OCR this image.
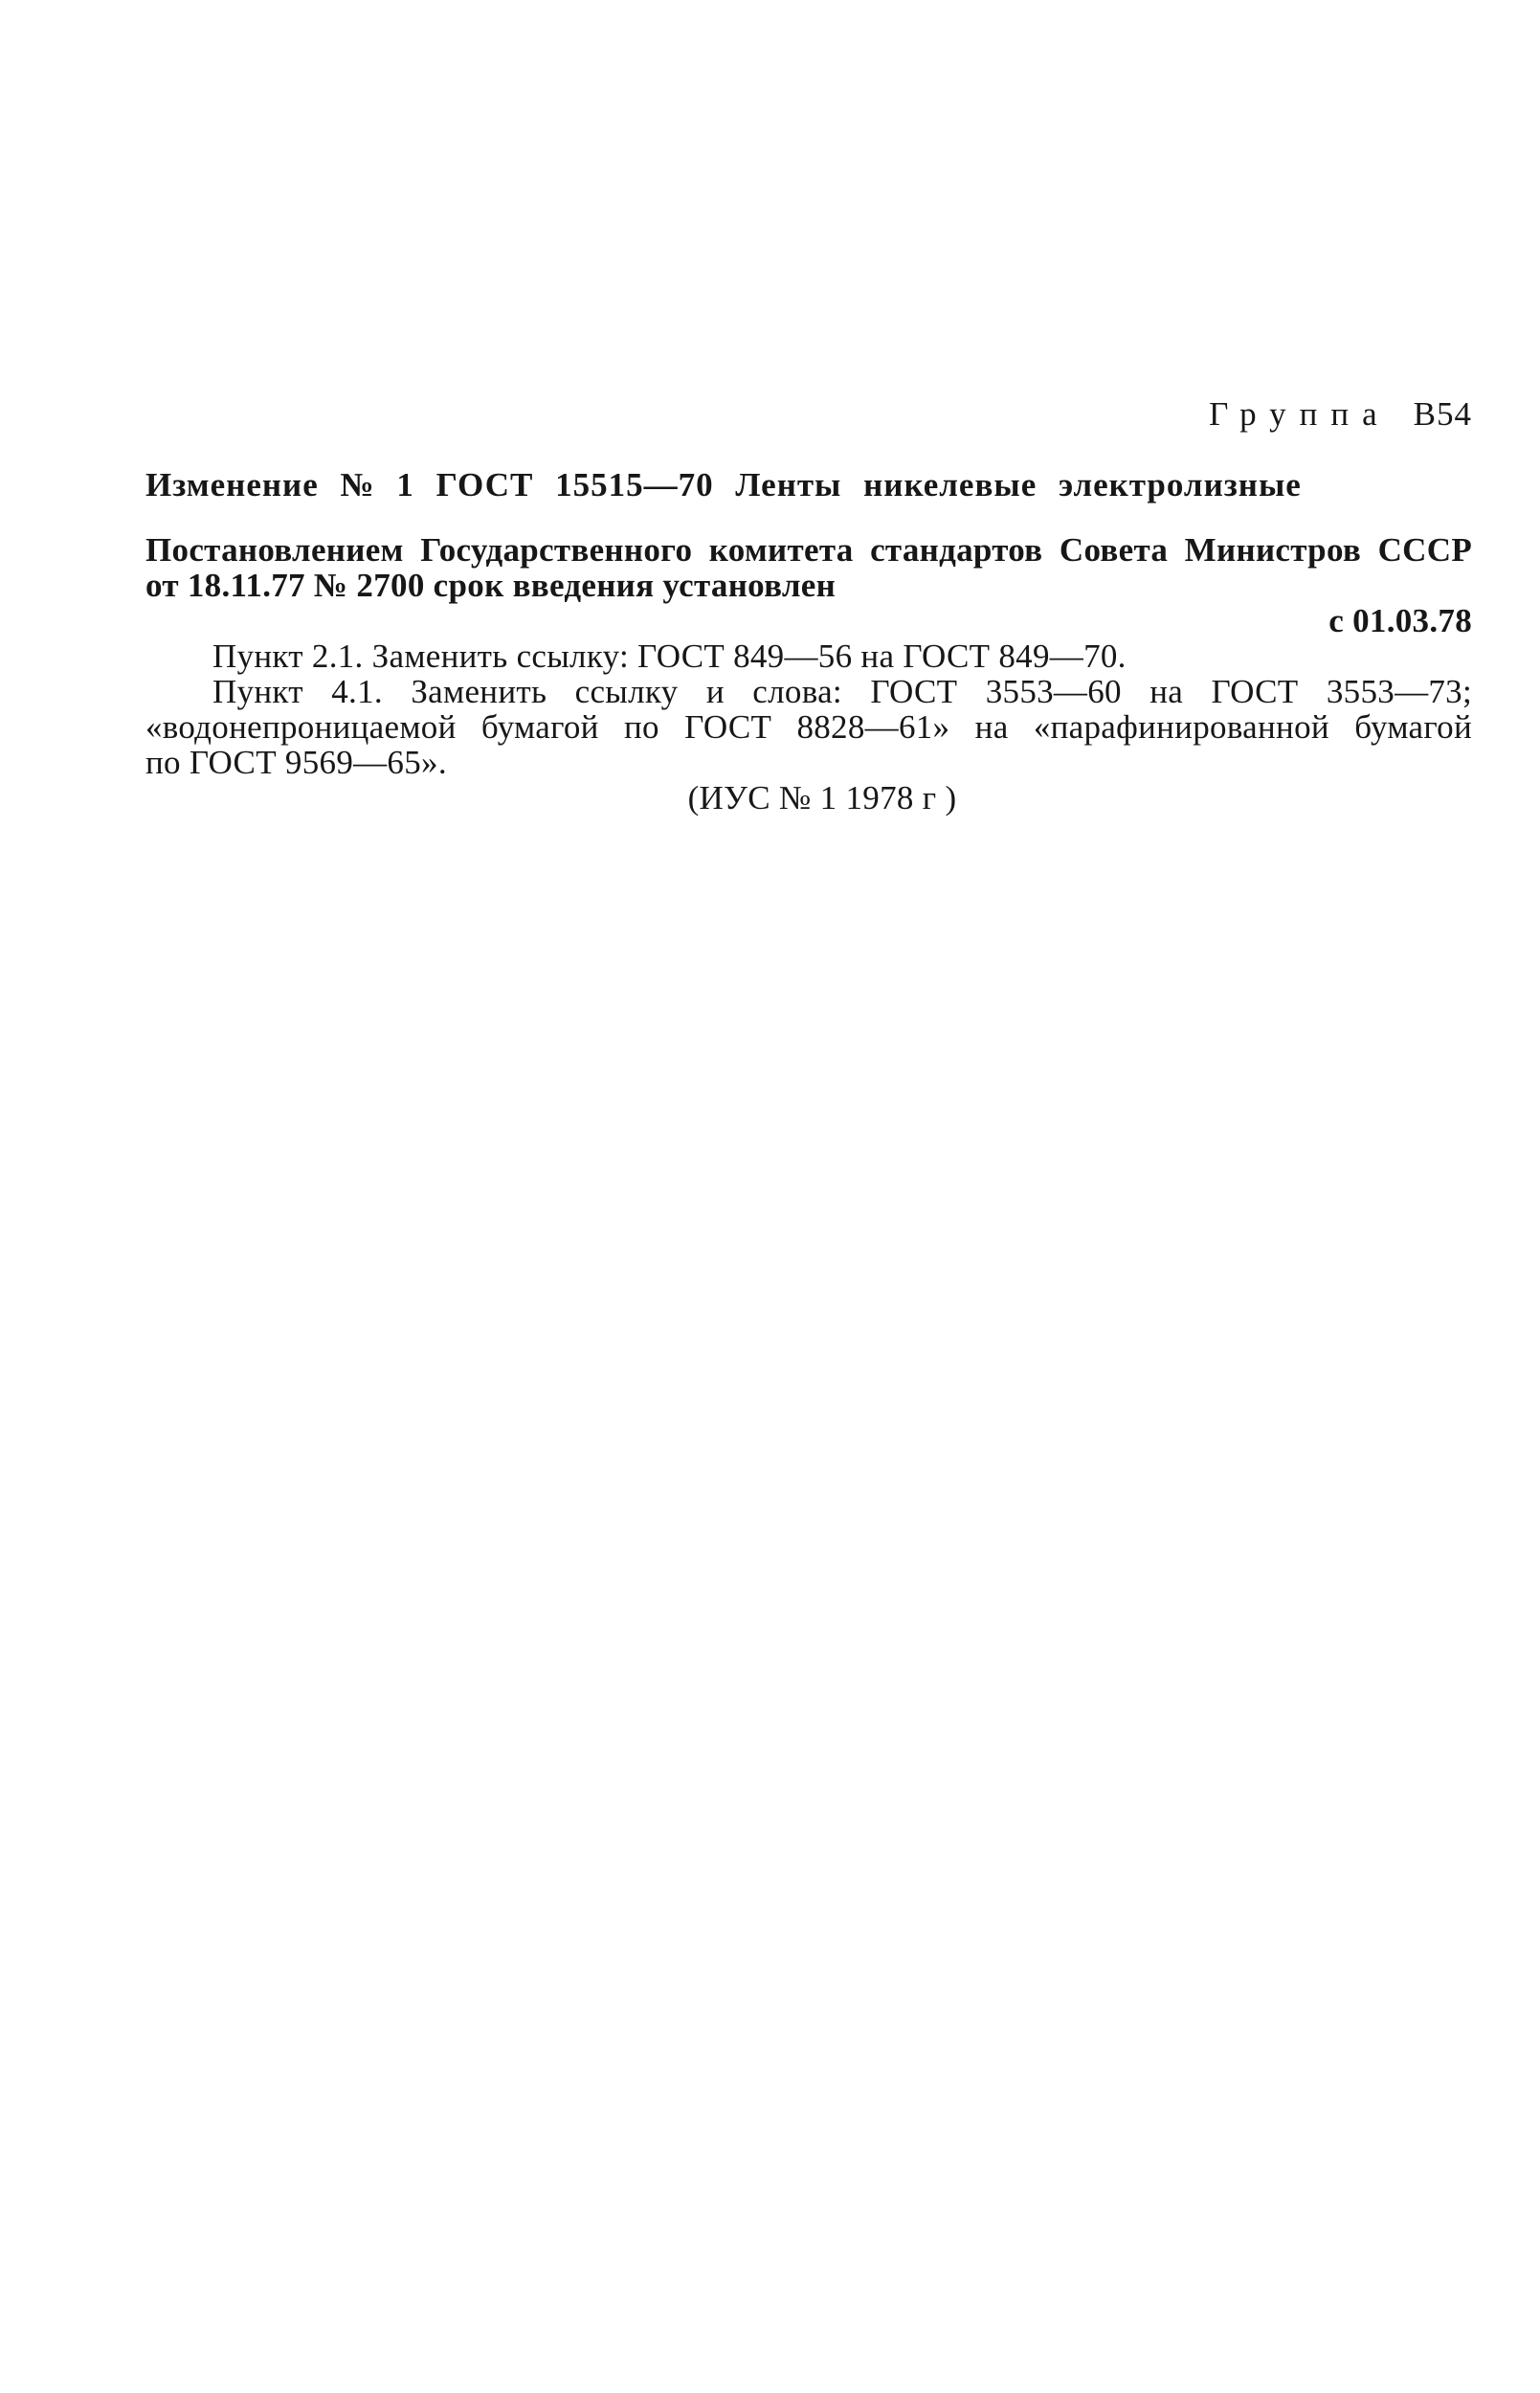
Группа В54
Изменение № 1 ГОСТ 15515—70 Ленты никелевые электролизные
Постановлением Государственного комитета стандартов Совета Министров СССР
от 18.11.77 № 2700 срок введения установлен
с 01.03.78
Пункт 2.1. Заменить ссылку: ГОСТ 849—56 на ГОСТ 849—70.
Пункт 4.1. Заменить ссылку и слова: ГОСТ 3553—60 на ГОСТ 3553—73;
«водонепроницаемой бумагой по ГОСТ 8828—61» на «парафинированной бумагой
по ГОСТ 9569—65».
(ИУС № 1 1978 г )
